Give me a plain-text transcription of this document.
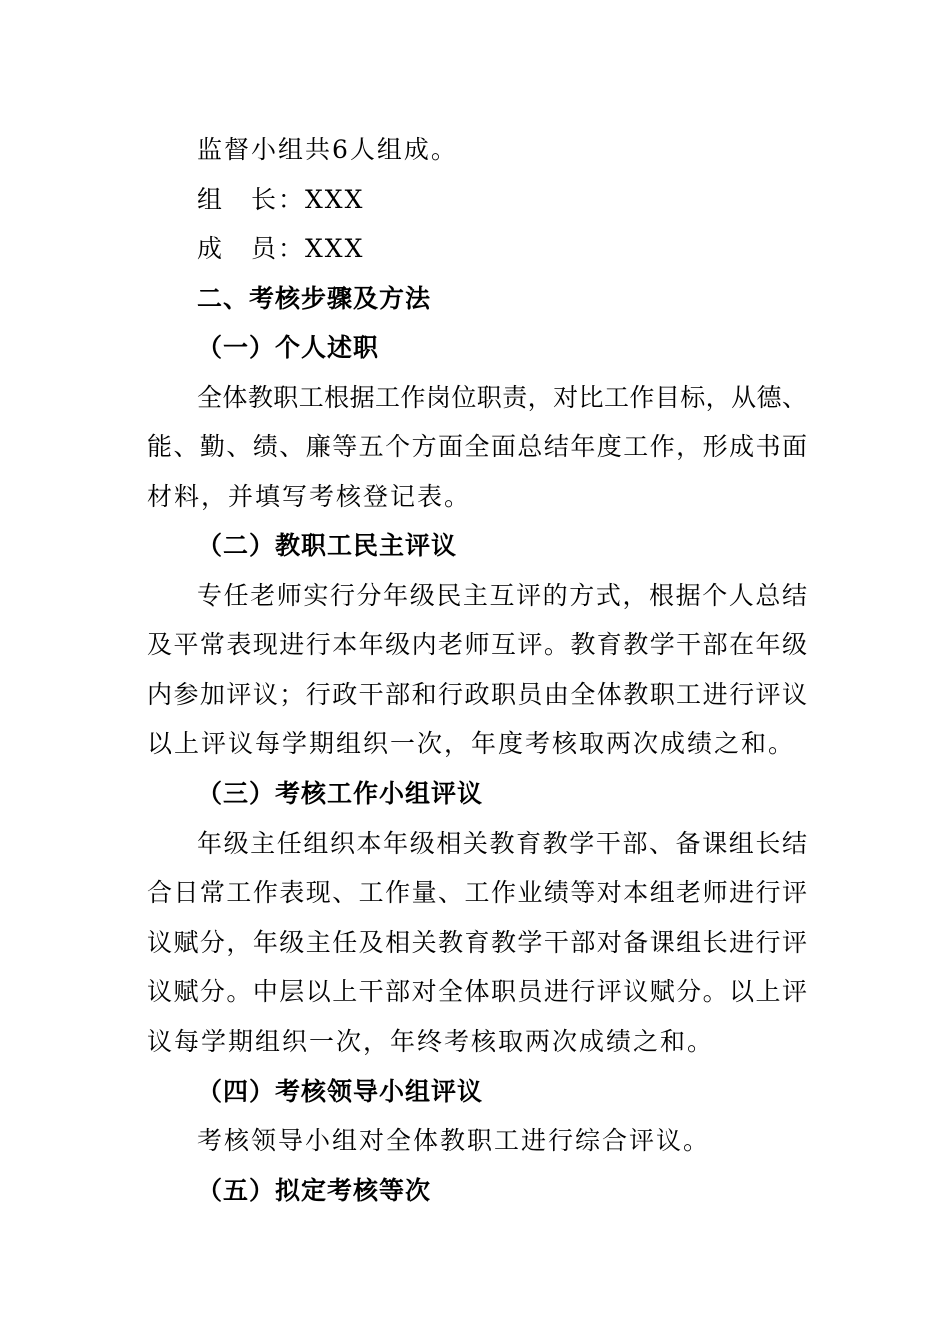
监督小组共6人组成。
组　长：XXX
成　员：XXX
二、考核步骤及方法
（一）个人述职
全体教职工根据工作岗位职责，对比工作目标，从德、
能、勤、绩、廉等五个方面全面总结年度工作，形成书面
材料，并填写考核登记表。
（二）教职工民主评议
专任老师实行分年级民主互评的方式，根据个人总结
及平常表现进行本年级内老师互评。教育教学干部在年级
内参加评议；行政干部和行政职员由全体教职工进行评议
以上评议每学期组织一次，年度考核取两次成绩之和。
（三）考核工作小组评议
年级主任组织本年级相关教育教学干部、备课组长结
合日常工作表现、工作量、工作业绩等对本组老师进行评
议赋分，年级主任及相关教育教学干部对备课组长进行评
议赋分。中层以上干部对全体职员进行评议赋分。以上评
议每学期组织一次，年终考核取两次成绩之和。
（四）考核领导小组评议
考核领导小组对全体教职工进行综合评议。
（五）拟定考核等次
